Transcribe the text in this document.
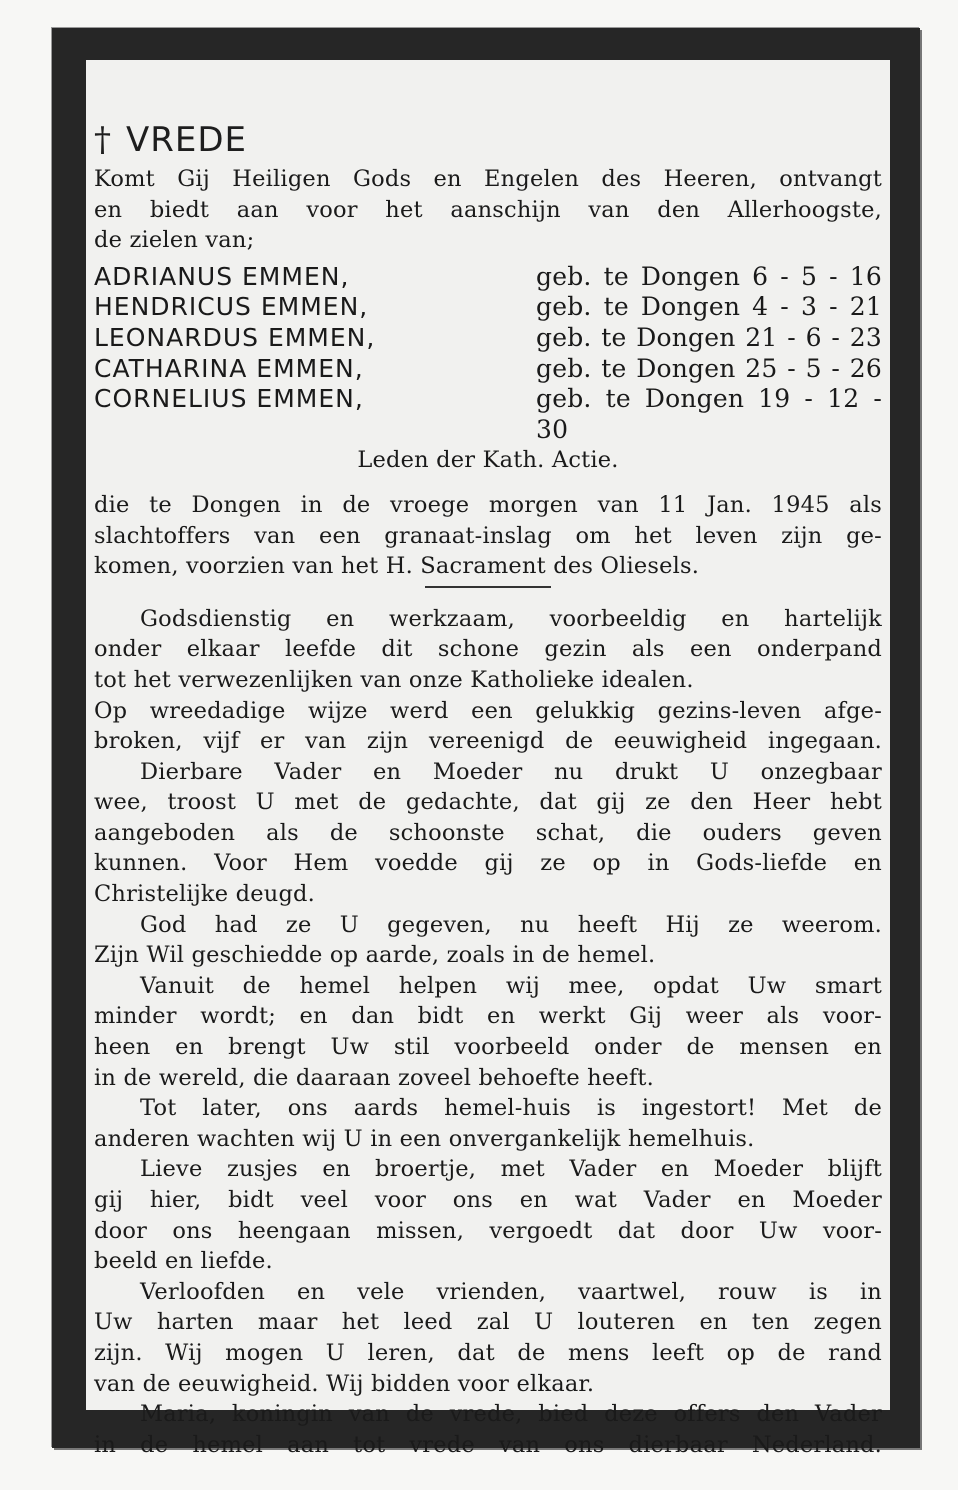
† VREDE
Komt Gij Heiligen Gods en Engelen des Heeren, ontvangt
en biedt aan voor het aanschijn van den Allerhoogste,
de zielen van;
ADRIANUS EMMEN,	geb. te Dongen 6 - 5 - 16
HENDRICUS EMMEN,	geb. te Dongen 4 - 3 - 21
LEONARDUS EMMEN,	geb. te Dongen 21 - 6 - 23
CATHARINA EMMEN,	geb. te Dongen 25 - 5 - 26
CORNELIUS EMMEN,	geb. te Dongen 19 - 12 - 30
Leden der Kath. Actie.
die te Dongen in de vroege morgen van 11 Jan. 1945 als
slachtoffers van een granaat-inslag om het leven zijn ge-
komen, voorzien van het H. Sacrament des Oliesels.
Godsdienstig en werkzaam, voorbeeldig en hartelijk
onder elkaar leefde dit schone gezin als een onderpand
tot het verwezenlijken van onze Katholieke idealen.
Op wreedadige wijze werd een gelukkig gezins-leven afge-
broken, vijf er van zijn vereenigd de eeuwigheid ingegaan.
Dierbare Vader en Moeder nu drukt U onzegbaar
wee, troost U met de gedachte, dat gij ze den Heer hebt
aangeboden als de schoonste schat, die ouders geven
kunnen. Voor Hem voedde gij ze op in Gods-liefde en
Christelijke deugd.
God had ze U gegeven, nu heeft Hij ze weerom.
Zijn Wil geschiedde op aarde, zoals in de hemel.
Vanuit de hemel helpen wij mee, opdat Uw smart
minder wordt; en dan bidt en werkt Gij weer als voor-
heen en brengt Uw stil voorbeeld onder de mensen en
in de wereld, die daaraan zoveel behoefte heeft.
Tot later, ons aards hemel-huis is ingestort! Met de
anderen wachten wij U in een onvergankelijk hemelhuis.
Lieve zusjes en broertje, met Vader en Moeder blijft
gij hier, bidt veel voor ons en wat Vader en Moeder
door ons heengaan missen, vergoedt dat door Uw voor-
beeld en liefde.
Verloofden en vele vrienden, vaartwel, rouw is in
Uw harten maar het leed zal U louteren en ten zegen
zijn. Wij mogen U leren, dat de mens leeft op de rand
van de eeuwigheid. Wij bidden voor elkaar.
Maria, koningin van de vrede, bied deze offers den Vader
in de hemel aan tot vrede van ons dierbaar Nederland.
